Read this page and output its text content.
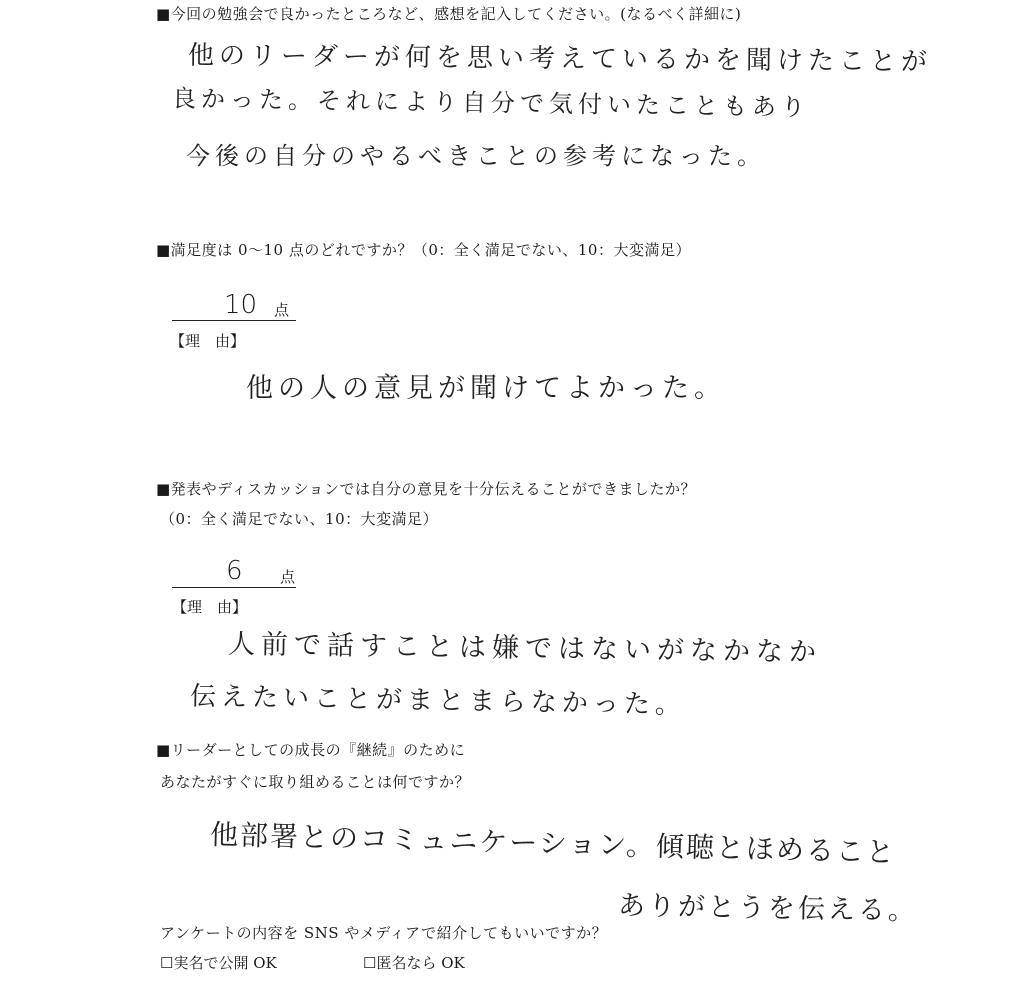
■今回の勉強会で良かったところなど、感想を記入してください。(なるべく詳細に)
他のリーダーが何を思い考えているかを聞けたことが
良かった。それにより自分で気付いたこともあり
今後の自分のやるべきことの参考になった。
■満足度は 0〜10 点のどれですか？（0：全く満足でない、10：大変満足）
10 点
【理　由】
他の人の意見が聞けてよかった。
■発表やディスカッションでは自分の意見を十分伝えることができましたか？
（0：全く満足でない、10：大変満足）
6 点
【理　由】
人前で話すことは嫌ではないがなかなか
伝えたいことがまとまらなかった。
■リーダーとしての成長の『継続』のために
あなたがすぐに取り組めることは何ですか？
他部署とのコミュニケーション。傾聴とほめること
ありがとうを伝える。
アンケートの内容を SNS やメディアで紹介してもいいですか？
☐実名で公開 OK	☐匿名なら OK
